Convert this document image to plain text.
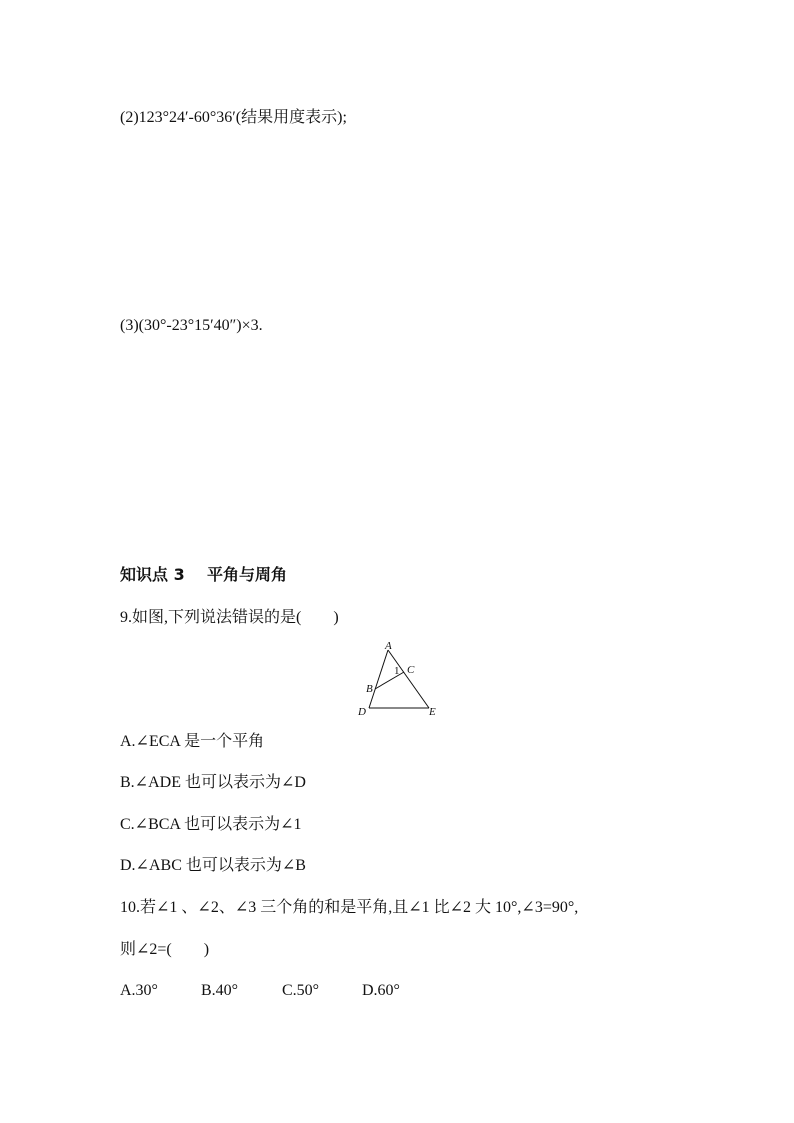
(2)123°24′-60°36′(结果用度表示);
(3)(30°-23°15′40″)×3.
知识点 3    平角与周角
9.如图,下列说法错误的是(        )
A
C
1
B
D	E
A.∠ECA 是一个平角
B.∠ADE 也可以表示为∠D
C.∠BCA 也可以表示为∠1
D.∠ABC 也可以表示为∠B
10.若∠1 、∠2、∠3 三个角的和是平角,且∠1 比∠2 大 10°,∠3=90°,
则∠2=(        )
A.30°	B.40°	C.50°	D.60°
